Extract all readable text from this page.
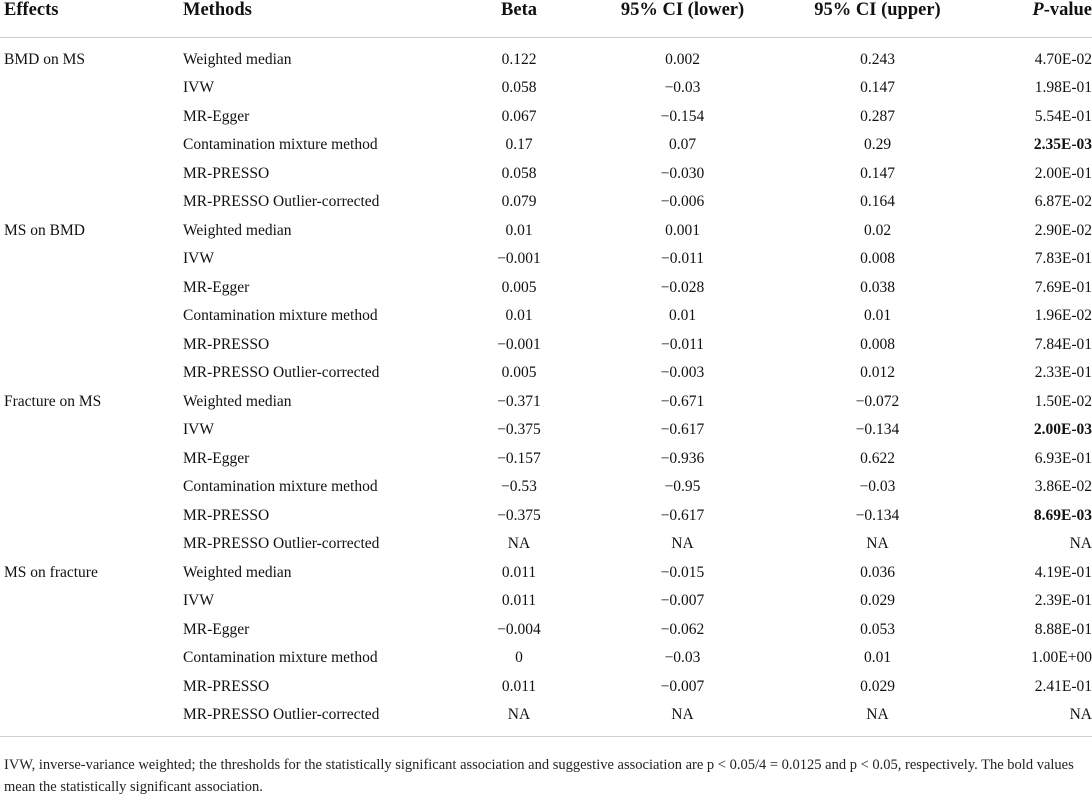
Effects	Methods	Beta	95% CI (lower)	95% CI (upper)	P-value
BMD on MS	Weighted median	0.122	0.002	0.243	4.70E-02
	IVW	0.058	−0.03	0.147	1.98E-01
	MR-Egger	0.067	−0.154	0.287	5.54E-01
	Contamination mixture method	0.17	0.07	0.29	2.35E-03
	MR-PRESSO	0.058	−0.030	0.147	2.00E-01
	MR-PRESSO Outlier-corrected	0.079	−0.006	0.164	6.87E-02
MS on BMD	Weighted median	0.01	0.001	0.02	2.90E-02
	IVW	−0.001	−0.011	0.008	7.83E-01
	MR-Egger	0.005	−0.028	0.038	7.69E-01
	Contamination mixture method	0.01	0.01	0.01	1.96E-02
	MR-PRESSO	−0.001	−0.011	0.008	7.84E-01
	MR-PRESSO Outlier-corrected	0.005	−0.003	0.012	2.33E-01
Fracture on MS	Weighted median	−0.371	−0.671	−0.072	1.50E-02
	IVW	−0.375	−0.617	−0.134	2.00E-03
	MR-Egger	−0.157	−0.936	0.622	6.93E-01
	Contamination mixture method	−0.53	−0.95	−0.03	3.86E-02
	MR-PRESSO	−0.375	−0.617	−0.134	8.69E-03
	MR-PRESSO Outlier-corrected	NA	NA	NA	NA
MS on fracture	Weighted median	0.011	−0.015	0.036	4.19E-01
	IVW	0.011	−0.007	0.029	2.39E-01
	MR-Egger	−0.004	−0.062	0.053	8.88E-01
	Contamination mixture method	0	−0.03	0.01	1.00E+00
	MR-PRESSO	0.011	−0.007	0.029	2.41E-01
	MR-PRESSO Outlier-corrected	NA	NA	NA	NA
IVW, inverse-variance weighted; the thresholds for the statistically significant association and suggestive association are p < 0.05/4 = 0.0125 and p < 0.05, respectively. The bold values mean the statistically significant association.
